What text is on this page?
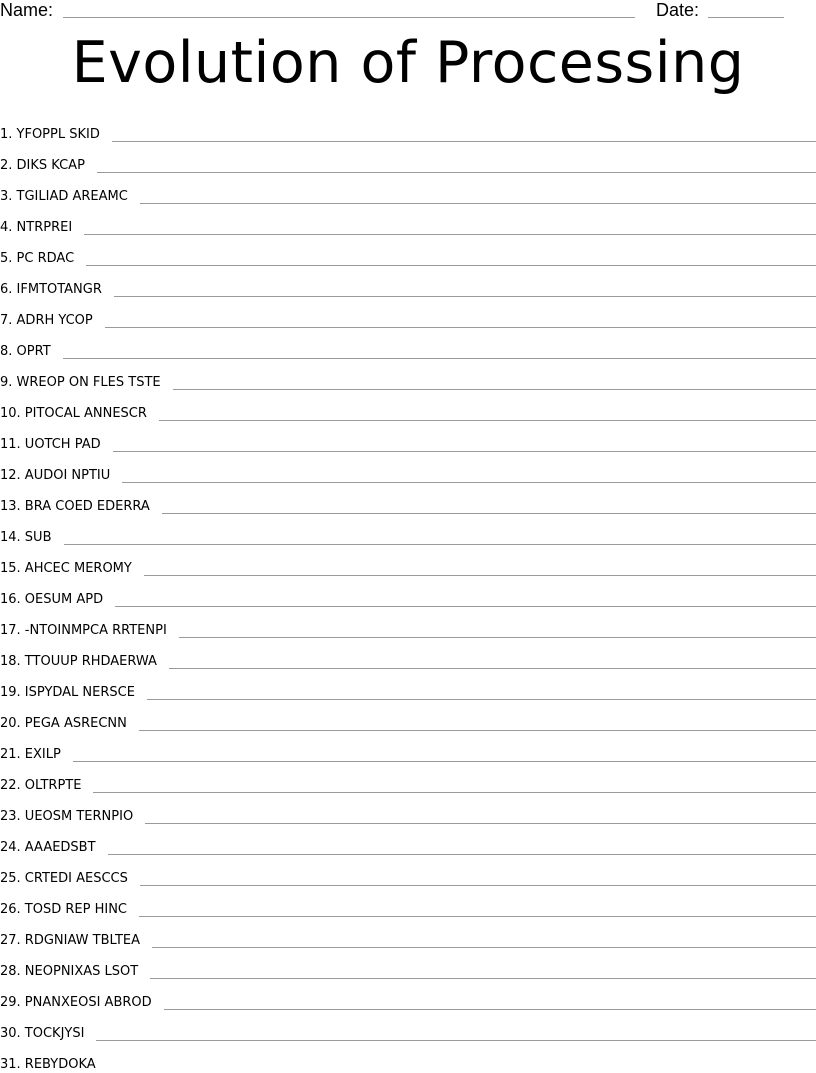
Name:	Date:
Evolution of Processing
1. YFOPPL SKID
2. DIKS KCAP
3. TGILIAD AREAMC
4. NTRPREI
5. PC RDAC
6. IFMTOTANGR
7. ADRH YCOP
8. OPRT
9. WREOP ON FLES TSTE
10. PITOCAL ANNESCR
11. UOTCH PAD
12. AUDOI NPTIU
13. BRA COED EDERRA
14. SUB
15. AHCEC MEROMY
16. OESUM APD
17. -NTOINMPCA RRTENPI
18. TTOUUP RHDAERWA
19. ISPYDAL NERSCE
20. PEGA ASRECNN
21. EXILP
22. OLTRPTE
23. UEOSM TERNPIO
24. AAAEDSBT
25. CRTEDI AESCCS
26. TOSD REP HINC
27. RDGNIAW TBLTEA
28. NEOPNIXAS LSOT
29. PNANXEOSI ABROD
30. TOCKJYSI
31. REBYDOKA
